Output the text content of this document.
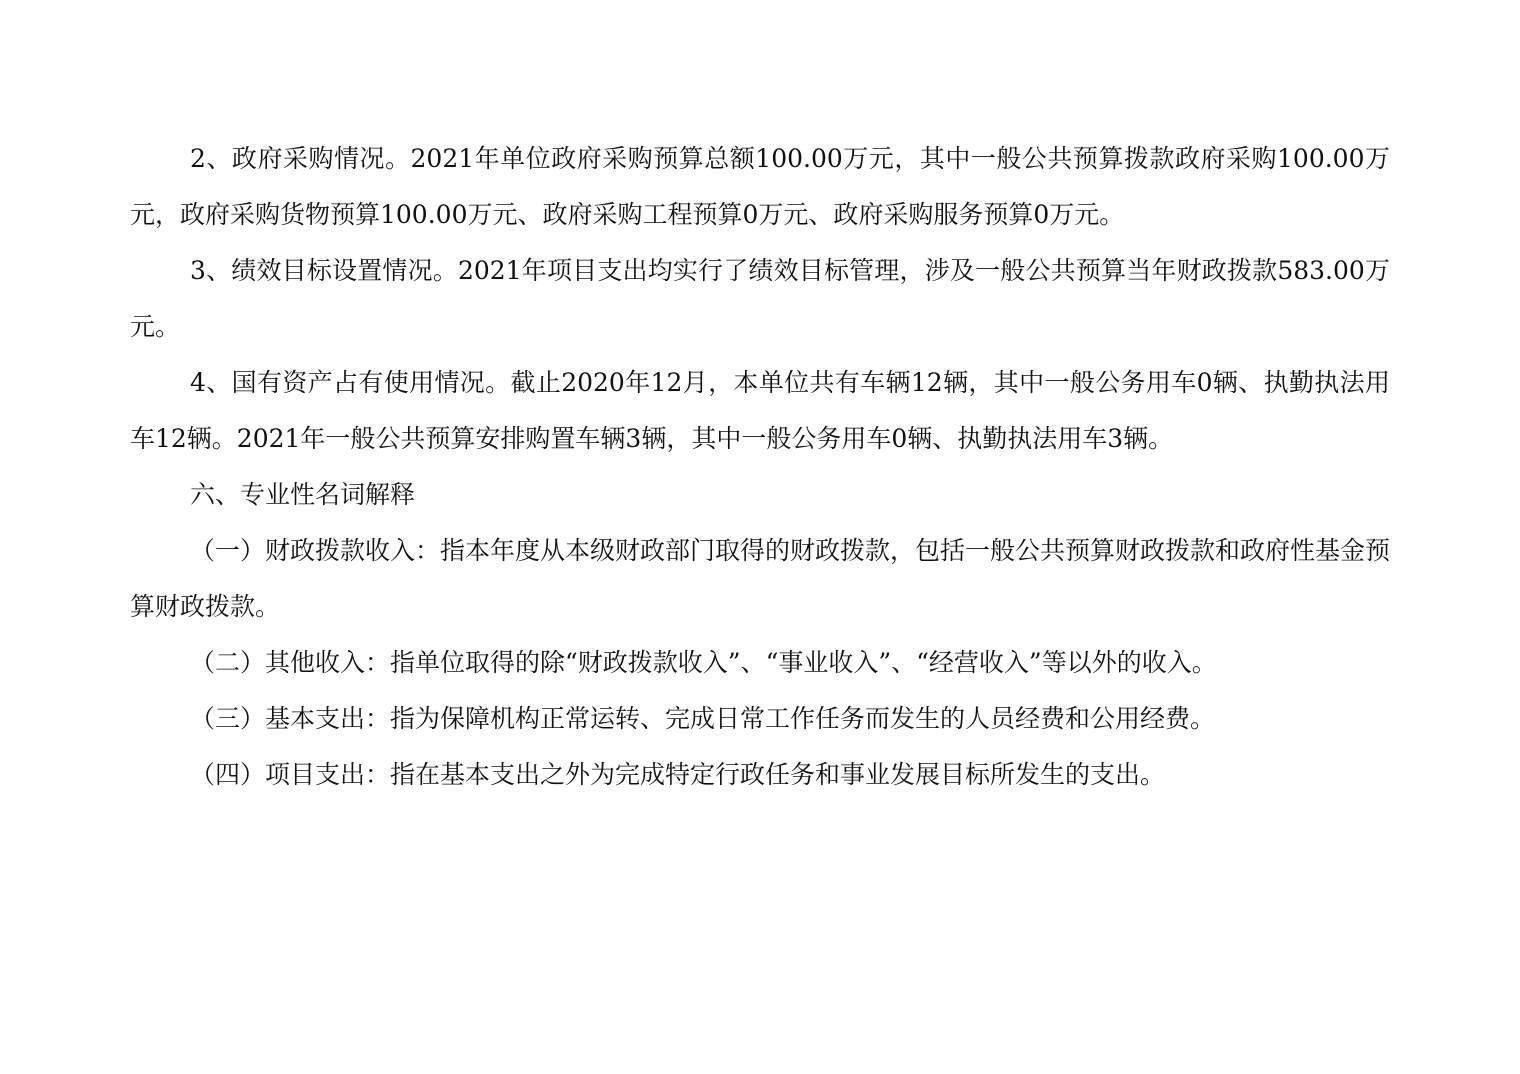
2、政府采购情况。2021年单位政府采购预算总额100.00万元，其中一般公共预算拨款政府采购100.00万元，政府采购货物预算100.00万元、政府采购工程预算0万元、政府采购服务预算0万元。

3、绩效目标设置情况。2021年项目支出均实行了绩效目标管理，涉及一般公共预算当年财政拨款583.00万元。

4、国有资产占有使用情况。截止2020年12月，本单位共有车辆12辆，其中一般公务用车0辆、执勤执法用车12辆。2021年一般公共预算安排购置车辆3辆，其中一般公务用车0辆、执勤执法用车3辆。

六、专业性名词解释

（一）财政拨款收入：指本年度从本级财政部门取得的财政拨款，包括一般公共预算财政拨款和政府性基金预算财政拨款。

（二）其他收入：指单位取得的除“财政拨款收入”、“事业收入”、“经营收入”等以外的收入。

（三）基本支出：指为保障机构正常运转、完成日常工作任务而发生的人员经费和公用经费。

（四）项目支出：指在基本支出之外为完成特定行政任务和事业发展目标所发生的支出。
